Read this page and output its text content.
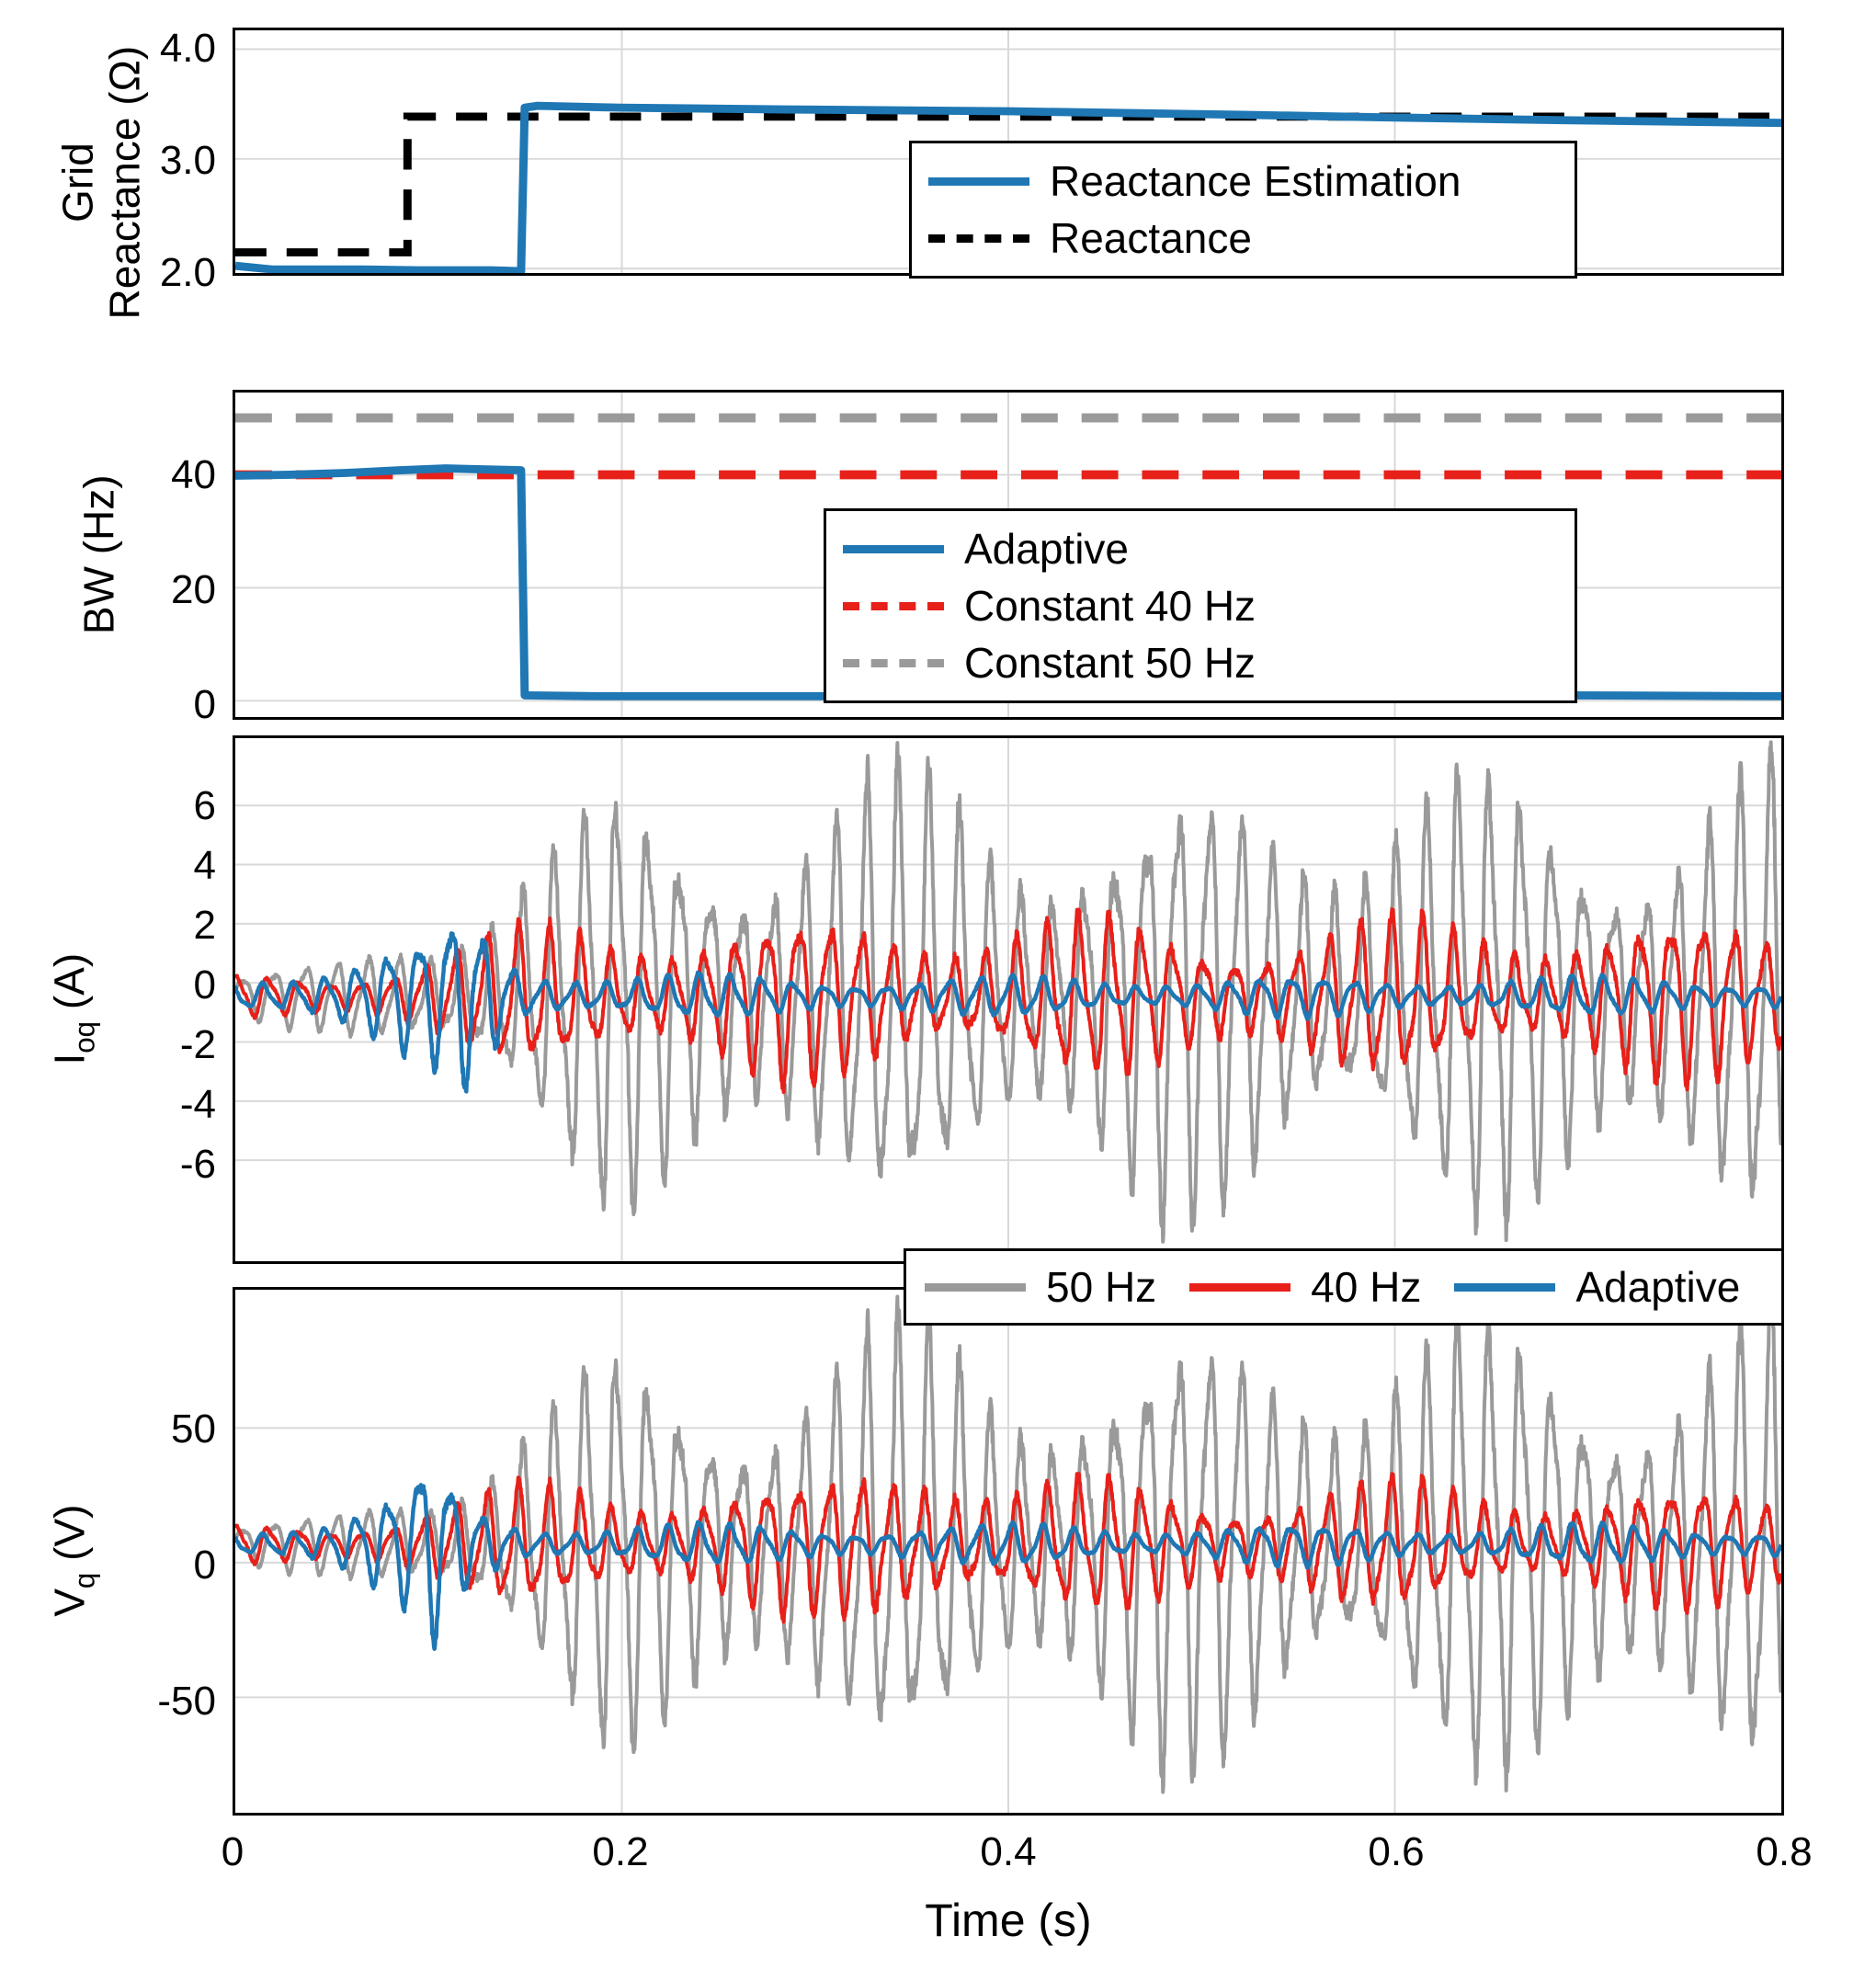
Reactance Estimation
Reactance
4.0
3.0
2.0
Grid
Reactance (Ω)
Adaptive
Constant 40 Hz
Constant 50 Hz
40
20
0
BW (Hz)
6
4
2
0
-2
-4
-6
$I_{oq}$ (A)
50
0
-50
$V_q$ (V)
50 Hz	40 Hz	Adaptive
0	0.2	0.4	0.6	0.8
Time (s)
